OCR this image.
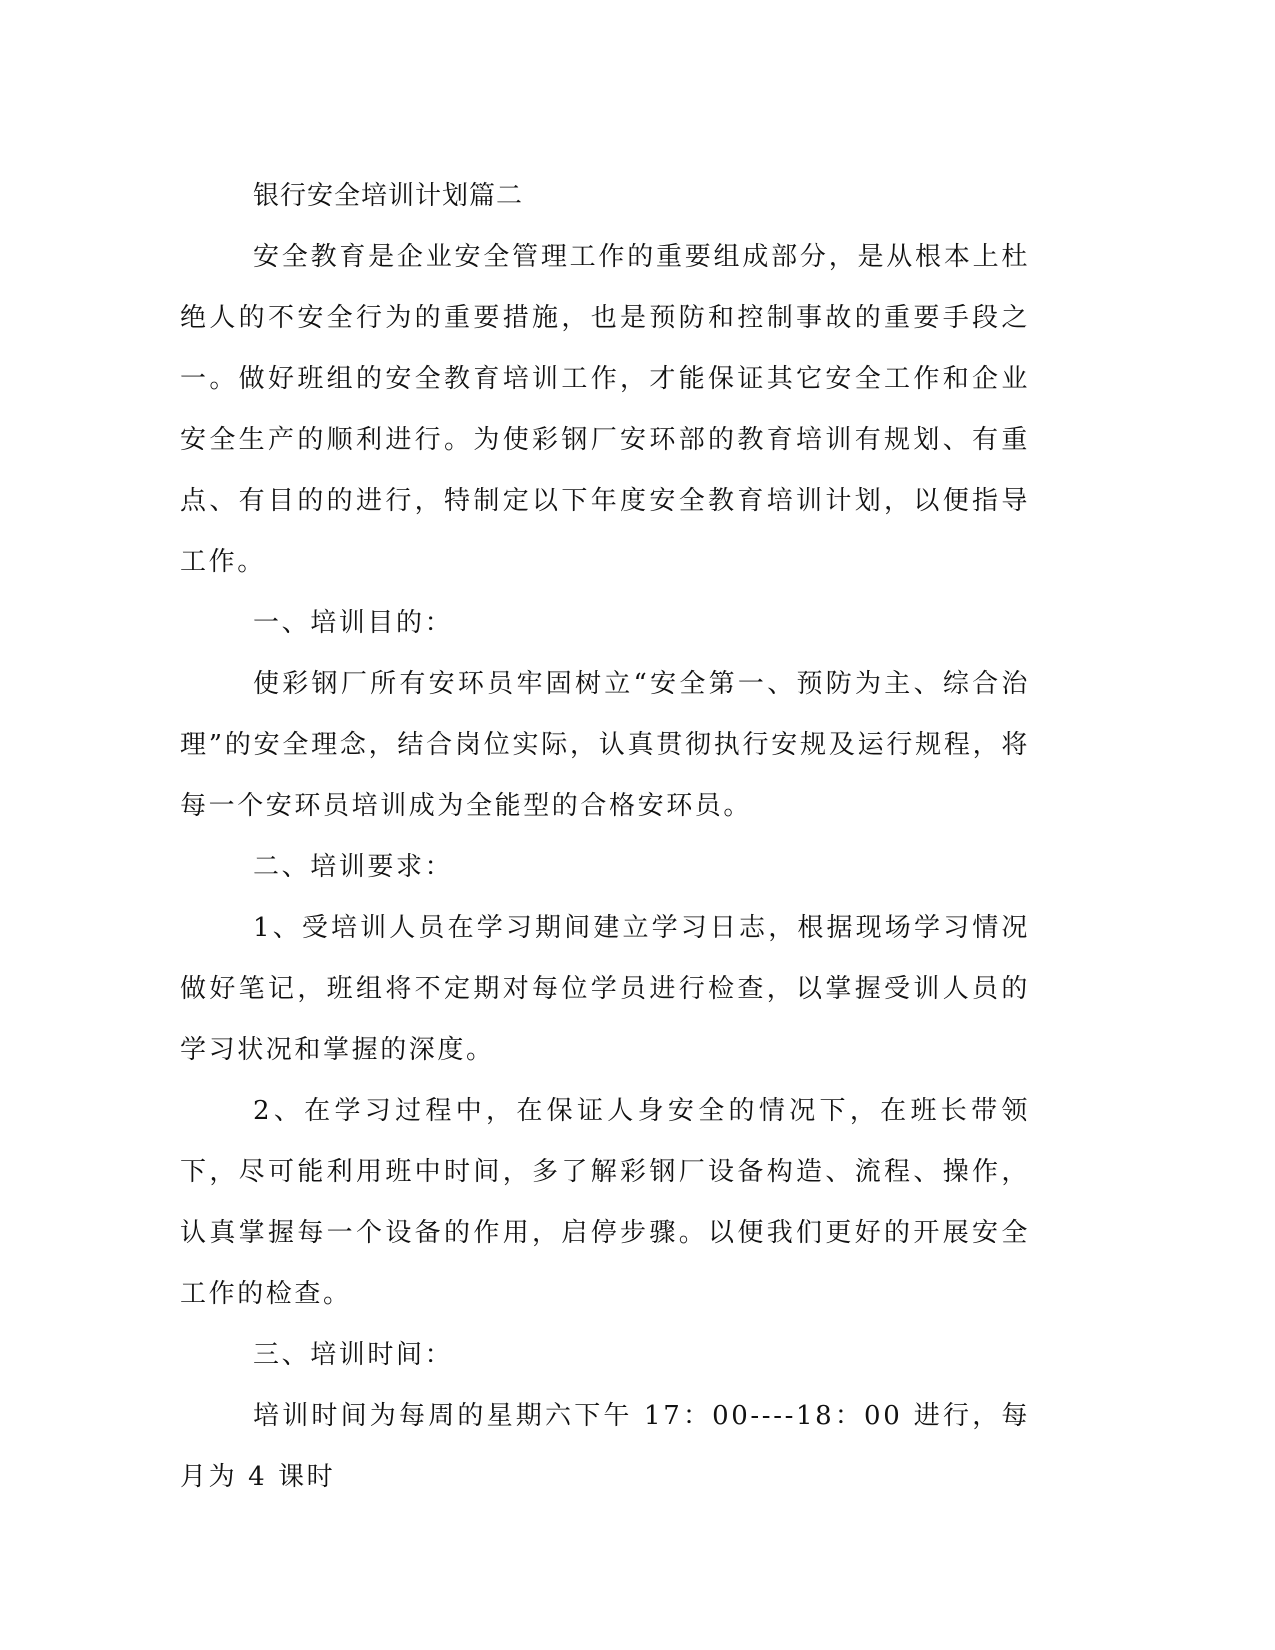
银行安全培训计划篇二

安全教育是企业安全管理工作的重要组成部分，是从根本上杜绝人的不安全行为的重要措施，也是预防和控制事故的重要手段之一。做好班组的安全教育培训工作，才能保证其它安全工作和企业安全生产的顺利进行。为使彩钢厂安环部的教育培训有规划、有重点、有目的的进行，特制定以下年度安全教育培训计划，以便指导工作。

一、培训目的：

使彩钢厂所有安环员牢固树立“安全第一、预防为主、综合治理”的安全理念，结合岗位实际，认真贯彻执行安规及运行规程，将每一个安环员培训成为全能型的合格安环员。

二、培训要求：

1、受培训人员在学习期间建立学习日志，根据现场学习情况做好笔记，班组将不定期对每位学员进行检查，以掌握受训人员的学习状况和掌握的深度。

2、在学习过程中，在保证人身安全的情况下，在班长带领下，尽可能利用班中时间，多了解彩钢厂设备构造、流程、操作，认真掌握每一个设备的作用，启停步骤。以便我们更好的开展安全工作的检查。

三、培训时间：

培训时间为每周的星期六下午 17：00----18：00 进行，每月为 4 课时
